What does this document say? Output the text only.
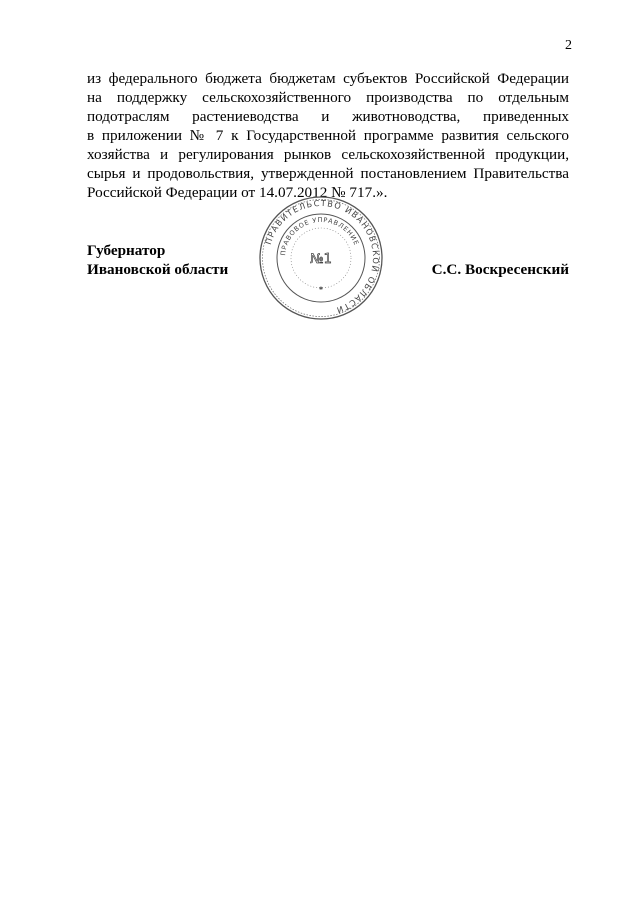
2
из федерального бюджета бюджетам субъектов Российской Федерации
на поддержку сельскохозяйственного производства по отдельным
подотраслям растениеводства и животноводства, приведенных
в приложении № 7 к Государственной программе развития сельского
хозяйства и регулирования рынков сельскохозяйственной продукции,
сырья и продовольствия, утвержденной постановлением Правительства
Российской Федерации от 14.07.2012 № 717.».
Губернатор
Ивановской области	С.С. Воскресенский
ПРАВИТЕЛЬСТВО ИВАНОВСКОЙ ОБЛАСТИ
ПРАВОВОЕ УПРАВЛЕНИЕ
№1
✱
